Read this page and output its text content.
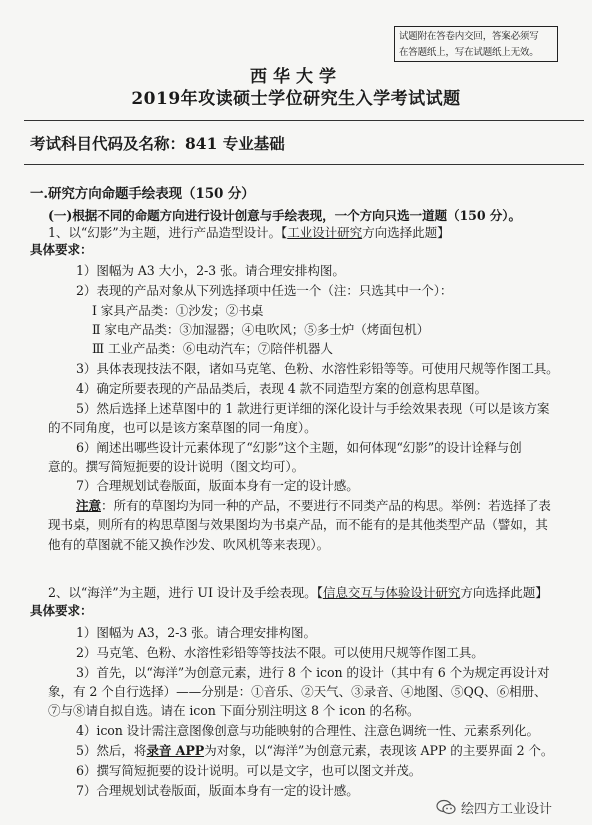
试题附在答卷内交回，答案必须写
在答题纸上，写在试题纸上无效。
西华大学
2019年攻读硕士学位研究生入学考试试题
考试科目代码及名称：841 专业基础
一.研究方向命题手绘表现（150 分）
(一)根据不同的命题方向进行设计创意与手绘表现，一个方向只选一道题（150 分）。
1、以“幻影”为主题，进行产品造型设计。【工业设计研究方向选择此题】
具体要求：
1）图幅为 A3 大小，2-3 张。请合理安排构图。
2）表现的产品对象从下列选择项中任选一个（注：只选其中一个）：
Ⅰ 家具产品类：①沙发；②书桌
Ⅱ 家电产品类：③加湿器；④电吹风；⑤多士炉（烤面包机）
Ⅲ 工业产品类：⑥电动汽车；⑦陪伴机器人
3）具体表现技法不限，诸如马克笔、色粉、水溶性彩铅等等。可使用尺规等作图工具。
4）确定所要表现的产品品类后，表现 4 款不同造型方案的创意构思草图。
5）然后选择上述草图中的 1 款进行更详细的深化设计与手绘效果表现（可以是该方案
的不同角度，也可以是该方案草图的同一角度）。
6）阐述出哪些设计元素体现了“幻影”这个主题，如何体现“幻影”的设计诠释与创
意的。撰写简短扼要的设计说明（图文均可）。
7）合理规划试卷版面，版面本身有一定的设计感。
注意：所有的草图均为同一种的产品，不要进行不同类产品的构思。举例：若选择了表
现书桌，则所有的构思草图与效果图均为书桌产品，而不能有的是其他类型产品（譬如，其
他有的草图就不能又换作沙发、吹风机等来表现）。
2、以“海洋”为主题，进行 UI 设计及手绘表现。【信息交互与体验设计研究方向选择此题】
具体要求：
1）图幅为 A3，2-3 张。请合理安排构图。
2）马克笔、色粉、水溶性彩铅等等技法不限。可以使用尺规等作图工具。
3）首先，以“海洋”为创意元素，进行 8 个 icon 的设计（其中有 6 个为规定再设计对
象，有 2 个自行选择）——分别是：①音乐、②天气、③录音、④地图、⑤QQ、⑥相册、
⑦与⑧请自拟自选。请在 icon 下面分别注明这 8 个 icon 的名称。
4）icon 设计需注意图像创意与功能映射的合理性、注意色调统一性、元素系列化。
5）然后，将录音 APP为对象，以“海洋”为创意元素，表现该 APP 的主要界面 2 个。
6）撰写简短扼要的设计说明。可以是文字，也可以图文并茂。
7）合理规划试卷版面，版面本身有一定的设计感。
绘四方工业设计
